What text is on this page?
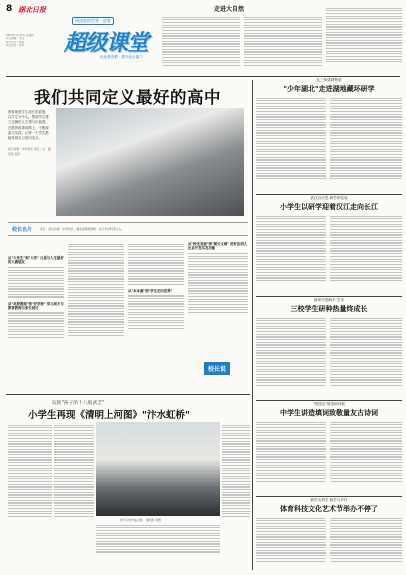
8 湖北日报
2024年1月19日 星期四
责任编辑：刘飞
版式设计：杨易
责任校对：周华
阅读您的世界 · 迎春
超级课堂
优化教育教 · 提升综合能力
走进大自然
我们共同定义最好的高中
教育就是学生成长的前提，以学生为中心，帮助学生建立正确的人生观与价值观。在教育改革的路上，不断探索与实践，让每一个学生都能发现自己的闪光点。
武汉市第一中学校长 李红 / 文 · 通讯员 张萍
校长名片	李红，武汉市第一中学校长，湖北省特级教师，武汉市学科带头人。
从"大先生"到"大学" 凡是与人生最好的人做朋友
从"名校教师"到"好学校" 学习成才与教育教师与家长同行
从"本本源"到"学生走向世界"
从"校光发展"到"领天文领" 用好东西人比自开发实发功能
校长说
玩转"孩子的十八般武艺"
小学生再现《清明上河图》"汴水虹桥"
孩子们与作品合影。 通讯员 供图
从三角梁到桥梁
"少年湖北"走进湖地藏环研学
武汉百次见 研学体验周
小学生以研学迎着汉江走向长江
研读中国海平 学术
三校学生研种热量终成长
"校园宝"研发研读报
中学生讲造填词致敬量友古诗词
研学大科学 研学与乡村
体育科技文化艺术节举办不停了
